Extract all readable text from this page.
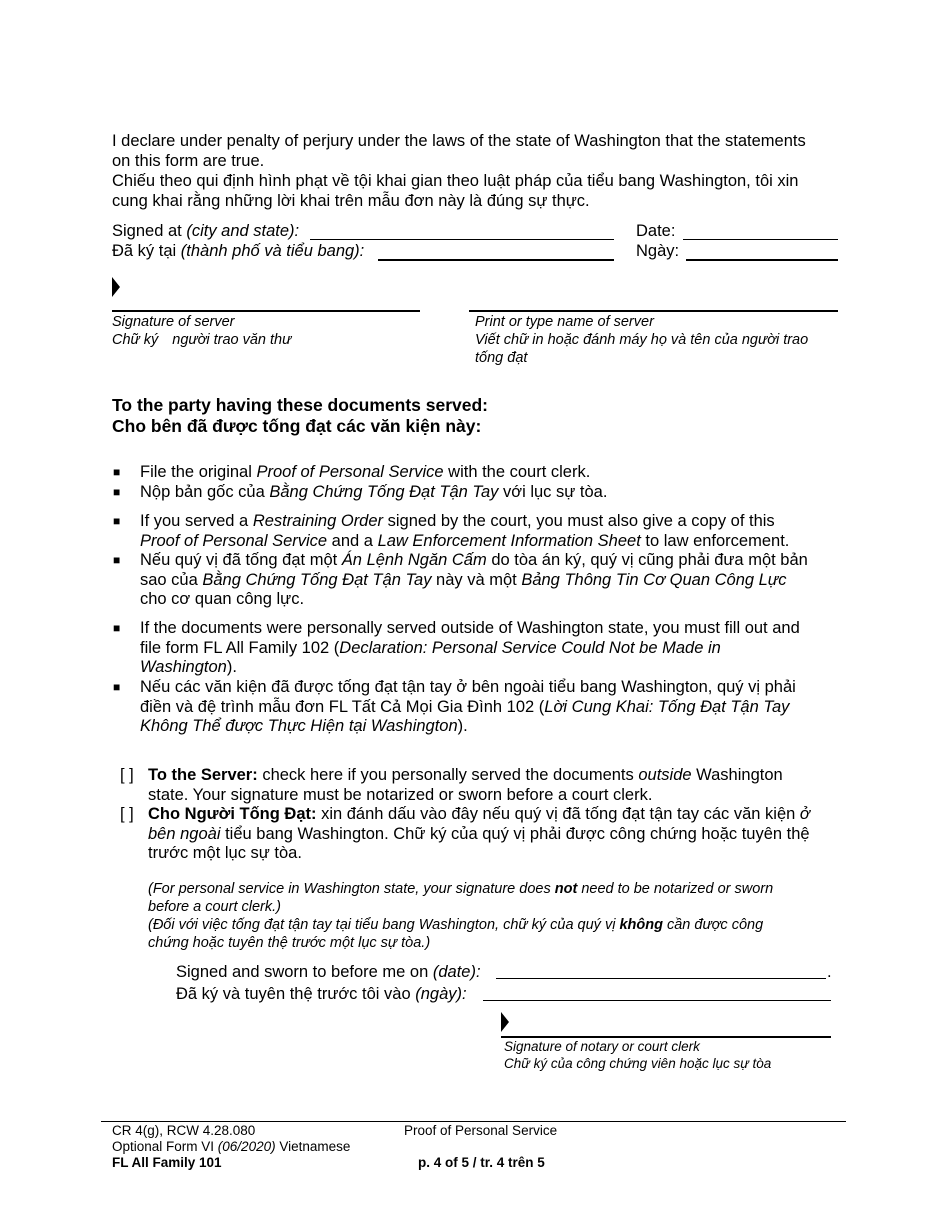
I declare under penalty of perjury under the laws of the state of Washington that the statements
on this form are true.
Chiếu theo qui định hình phạt về tội khai gian theo luật pháp của tiểu bang Washington, tôi xin
cung khai rằng những lời khai trên mẫu đơn này là đúng sự thực.
Signed at (city and state):
Đã ký tại (thành phố và tiểu bang):
Date:
Ngày:
Signature of server
Chữ ký người trao văn thư
Print or type name of server
Viết chữ in hoặc đánh máy họ và tên của người trao
tống đạt
To the party having these documents served:
Cho bên đã được tống đạt các văn kiện này:
■ File the original Proof of Personal Service with the court clerk.
■ Nộp bản gốc của Bằng Chứng Tống Đạt Tận Tay với lục sự tòa.
■ If you served a Restraining Order signed by the court, you must also give a copy of this
Proof of Personal Service and a Law Enforcement Information Sheet to law enforcement.
■ Nếu quý vị đã tống đạt một Án Lệnh Ngăn Cấm do tòa án ký, quý vị cũng phải đưa một bản
sao của Bằng Chứng Tống Đạt Tận Tay này và một Bảng Thông Tin Cơ Quan Công Lực
cho cơ quan công lực.
■ If the documents were personally served outside of Washington state, you must fill out and
file form FL All Family 102 (Declaration: Personal Service Could Not be Made in
Washington).
■ Nếu các văn kiện đã được tống đạt tận tay ở bên ngoài tiểu bang Washington, quý vị phải
điền và đệ trình mẫu đơn FL Tất Cả Mọi Gia Đình 102 (Lời Cung Khai: Tống Đạt Tận Tay
Không Thể được Thực Hiện tại Washington).
[ ] To the Server: check here if you personally served the documents outside Washington
state. Your signature must be notarized or sworn before a court clerk.
[ ] Cho Người Tống Đạt: xin đánh dấu vào đây nếu quý vị đã tống đạt tận tay các văn kiện ở
bên ngoài tiểu bang Washington. Chữ ký của quý vị phải được công chứng hoặc tuyên thệ
trước một lục sự tòa.
(For personal service in Washington state, your signature does not need to be notarized or sworn
before a court clerk.)
(Đối với việc tống đạt tận tay tại tiểu bang Washington, chữ ký của quý vị không cần được công
chứng hoặc tuyên thệ trước một lục sự tòa.)
Signed and sworn to before me on (date):	.
Đã ký và tuyên thệ trước tôi vào (ngày):
Signature of notary or court clerk
Chữ ký của công chứng viên hoặc lục sự tòa
CR 4(g), RCW 4.28.080
Optional Form VI (06/2020) Vietnamese
FL All Family 101
Proof of Personal Service
p. 4 of 5 / tr. 4 trên 5
